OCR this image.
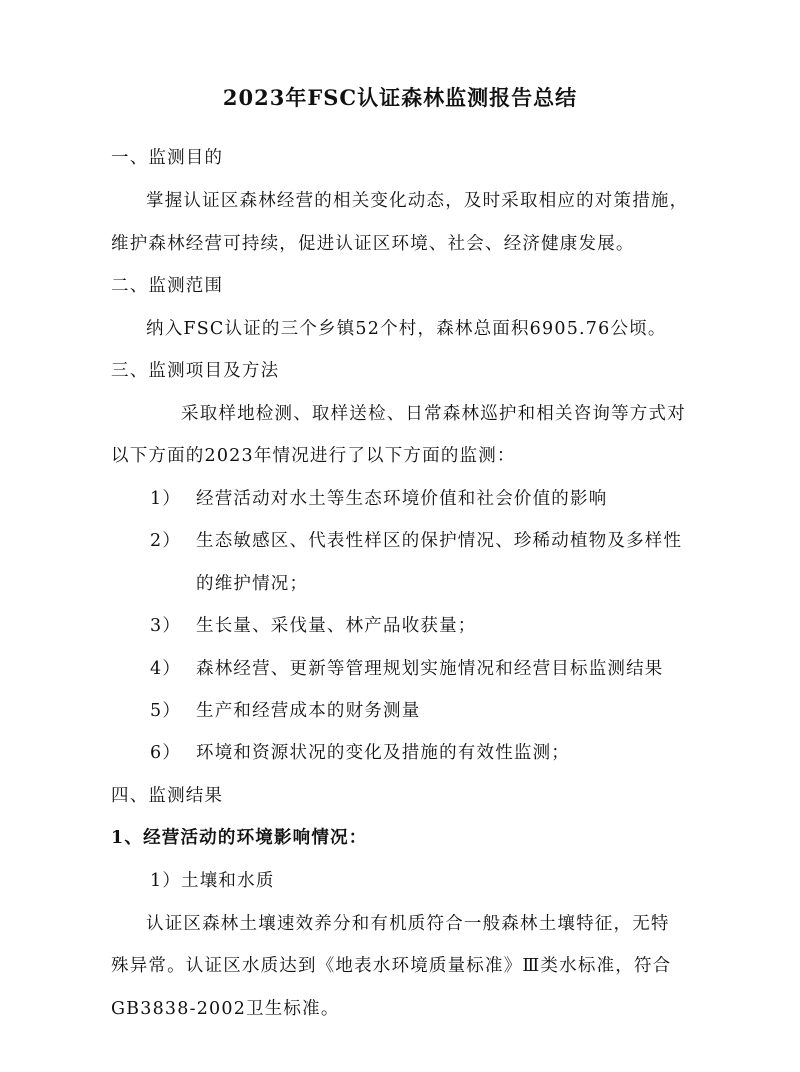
2023年FSC认证森林监测报告总结
一、监测目的
掌握认证区森林经营的相关变化动态，及时采取相应的对策措施，
维护森林经营可持续，促进认证区环境、社会、经济健康发展。
二、监测范围
纳入FSC认证的三个乡镇52个村，森林总面积6905.76公顷。
三、监测项目及方法
采取样地检测、取样送检、日常森林巡护和相关咨询等方式对
以下方面的2023年情况进行了以下方面的监测：
1） 经营活动对水土等生态环境价值和社会价值的影响
2） 生态敏感区、代表性样区的保护情况、珍稀动植物及多样性
的维护情况；
3） 生长量、采伐量、林产品收获量；
4） 森林经营、更新等管理规划实施情况和经营目标监测结果
5） 生产和经营成本的财务测量
6） 环境和资源状况的变化及措施的有效性监测；
四、监测结果
1、经营活动的环境影响情况：
1）土壤和水质
认证区森林土壤速效养分和有机质符合一般森林土壤特征，无特
殊异常。认证区水质达到《地表水环境质量标准》Ⅲ类水标准，符合
GB3838-2002卫生标准。
